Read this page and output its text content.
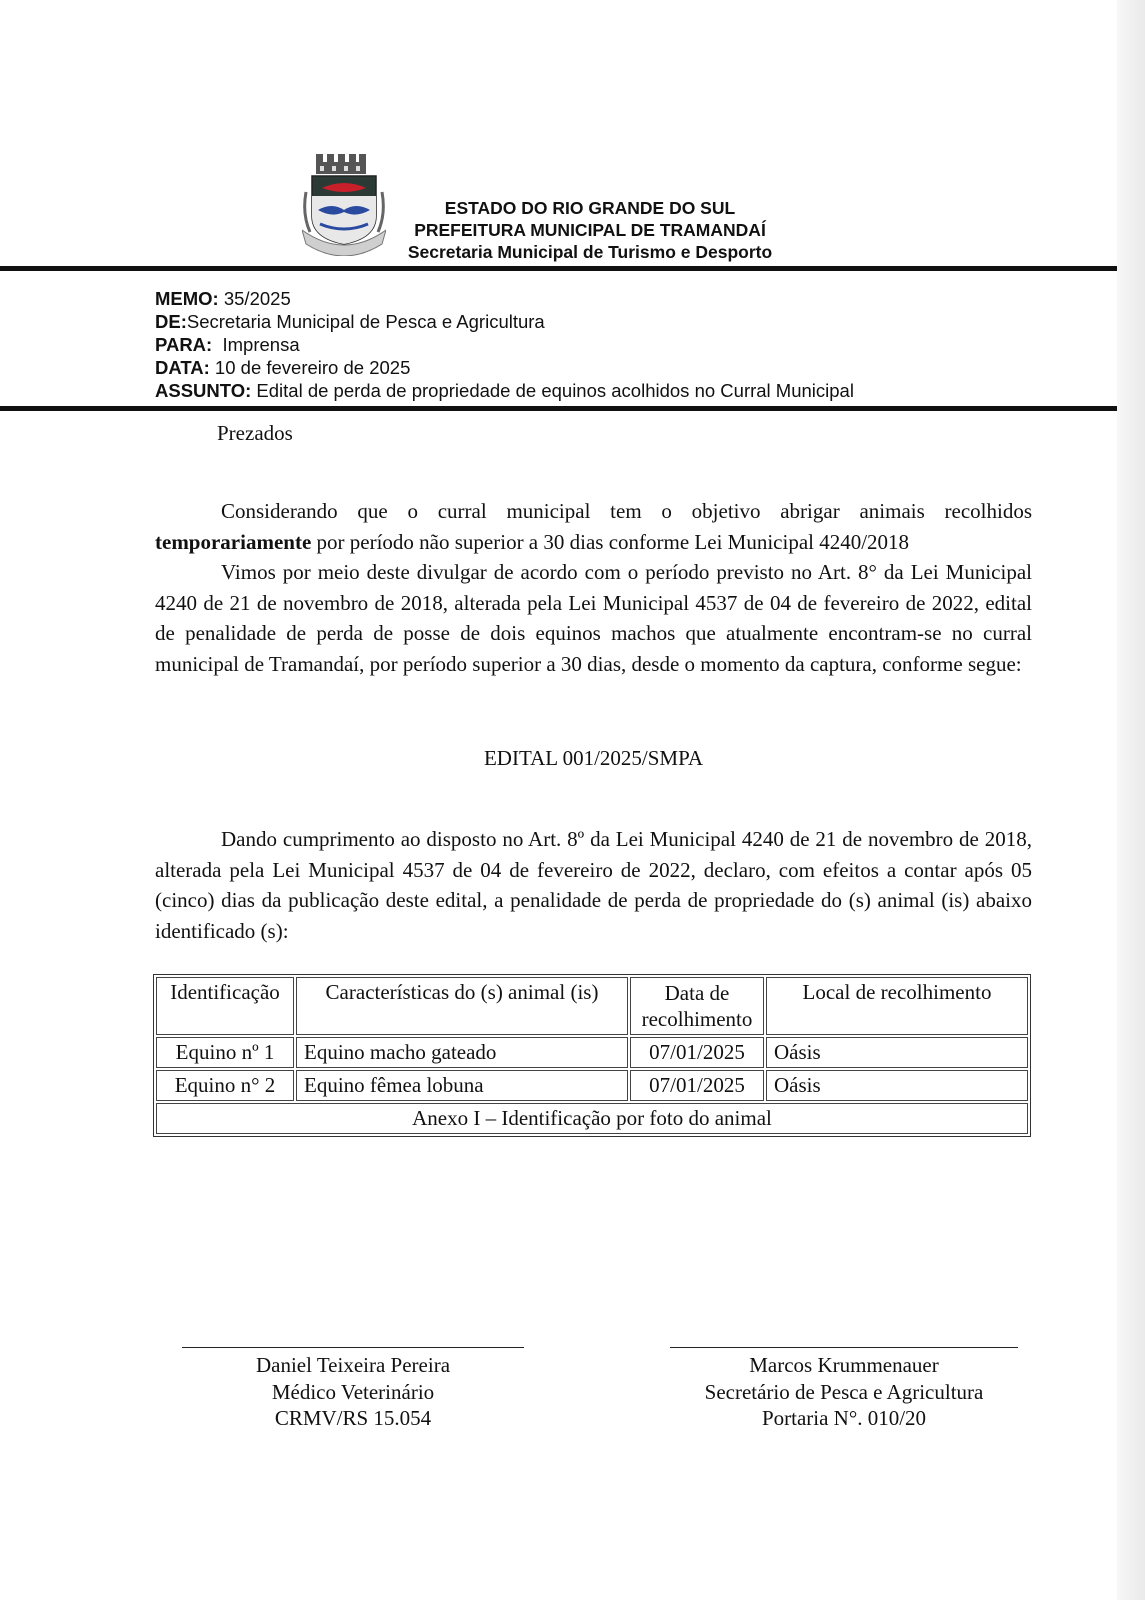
ESTADO DO RIO GRANDE DO SUL
PREFEITURA MUNICIPAL DE TRAMANDAÍ
Secretaria Municipal de Turismo e Desporto
MEMO: 35/2025
DE:Secretaria Municipal de Pesca e Agricultura
PARA:  Imprensa
DATA: 10 de fevereiro de 2025
ASSUNTO: Edital de perda de propriedade de equinos acolhidos no Curral Municipal
Prezados
Considerando que o curral municipal tem o objetivo abrigar animais recolhidos temporariamente por período não superior a 30 dias conforme Lei Municipal 4240/2018
Vimos por meio deste divulgar de acordo com o período previsto no Art. 8° da Lei Municipal 4240 de 21 de novembro de 2018, alterada pela Lei Municipal 4537 de 04 de fevereiro de 2022, edital de penalidade de perda de posse de dois equinos machos que atualmente encontram-se no curral municipal de Tramandaí, por período superior a 30 dias, desde o momento da captura, conforme segue:
EDITAL 001/2025/SMPA
Dando cumprimento ao disposto no Art. 8º da Lei Municipal 4240 de 21 de novembro de 2018, alterada pela Lei Municipal 4537 de 04 de fevereiro de 2022, declaro, com efeitos a contar após 05 (cinco) dias da publicação deste edital, a penalidade de perda de propriedade do (s) animal (is) abaixo identificado (s):
Identificação	Características do (s) animal (is)	Data de recolhimento	Local de recolhimento
Equino nº 1	Equino macho gateado	07/01/2025	Oásis
Equino n° 2	Equino fêmea lobuna	07/01/2025	Oásis
Anexo I – Identificação por foto do animal			
Daniel Teixeira Pereira
Médico Veterinário
CRMV/RS 15.054
Marcos Krummenauer
Secretário de Pesca e Agricultura
Portaria N°. 010/20
